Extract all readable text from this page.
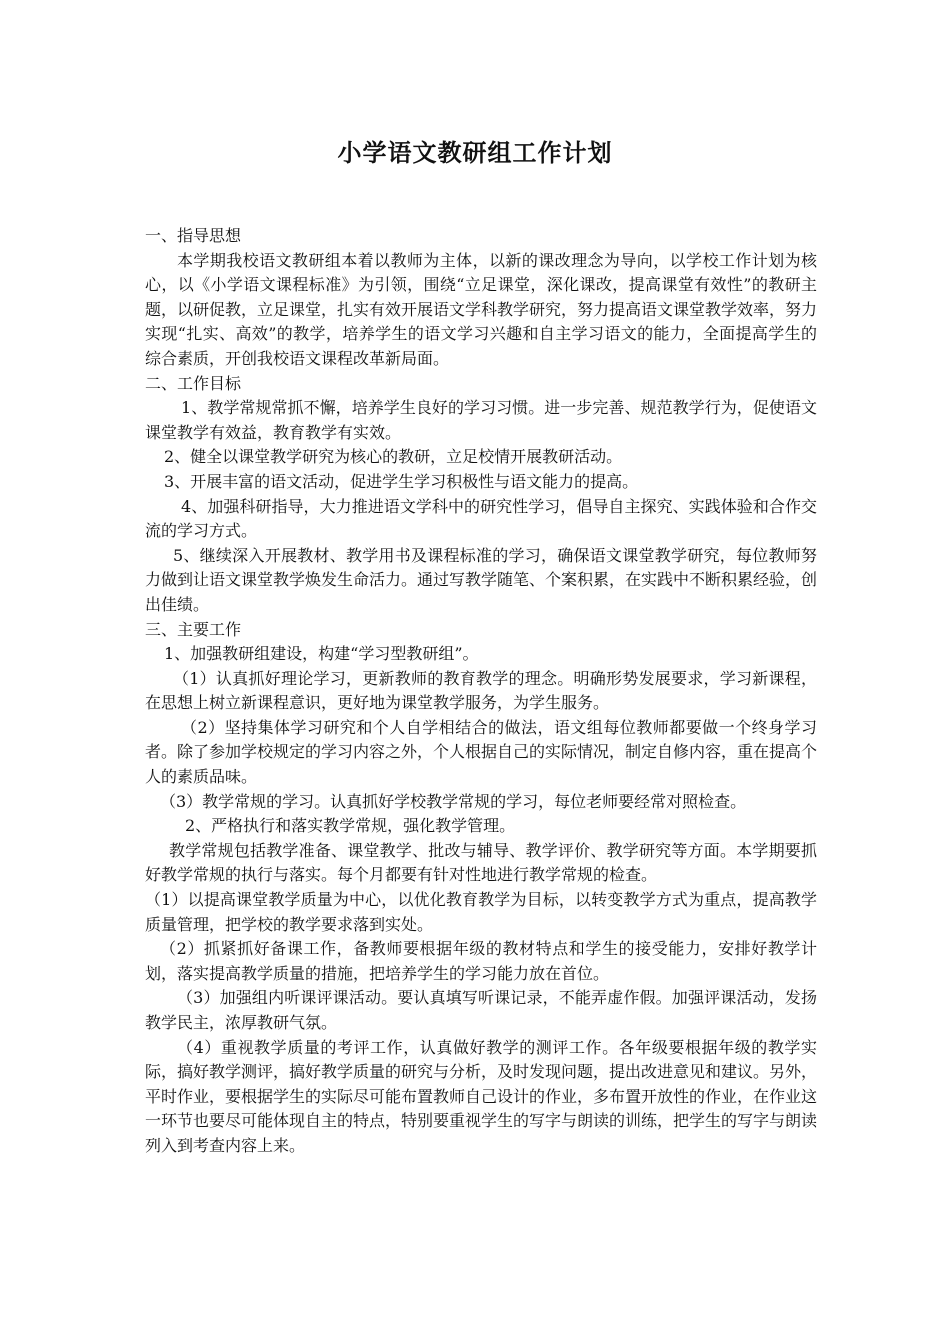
小学语文教研组工作计划

一、指导思想

本学期我校语文教研组本着以教师为主体，以新的课改理念为导向，以学校工作计划为核心，以《小学语文课程标准》为引领，围绕“立足课堂，深化课改，提高课堂有效性”的教研主题，以研促教，立足课堂，扎实有效开展语文学科教学研究，努力提高语文课堂教学效率，努力实现“扎实、高效”的教学，培养学生的语文学习兴趣和自主学习语文的能力，全面提高学生的综合素质，开创我校语文课程改革新局面。

二、工作目标

1、教学常规常抓不懈，培养学生良好的学习习惯。进一步完善、规范教学行为，促使语文课堂教学有效益，教育教学有实效。

2、健全以课堂教学研究为核心的教研，立足校情开展教研活动。

3、开展丰富的语文活动，促进学生学习积极性与语文能力的提高。

4、加强科研指导，大力推进语文学科中的研究性学习，倡导自主探究、实践体验和合作交流的学习方式。

5、继续深入开展教材、教学用书及课程标准的学习，确保语文课堂教学研究，每位教师努力做到让语文课堂教学焕发生命活力。通过写教学随笔、个案积累，在实践中不断积累经验，创出佳绩。

三、主要工作

1、加强教研组建设，构建“学习型教研组”。

（1）认真抓好理论学习，更新教师的教育教学的理念。明确形势发展要求，学习新课程，在思想上树立新课程意识，更好地为课堂教学服务，为学生服务。

（2）坚持集体学习研究和个人自学相结合的做法，语文组每位教师都要做一个终身学习者。除了参加学校规定的学习内容之外，个人根据自己的实际情况，制定自修内容，重在提高个人的素质品味。

（3）教学常规的学习。认真抓好学校教学常规的学习，每位老师要经常对照检查。

2、严格执行和落实教学常规，强化教学管理。

教学常规包括教学准备、课堂教学、批改与辅导、教学评价、教学研究等方面。本学期要抓好教学常规的执行与落实。每个月都要有针对性地进行教学常规的检查。

（1）以提高课堂教学质量为中心，以优化教育教学为目标，以转变教学方式为重点，提高教学质量管理，把学校的教学要求落到实处。

（2）抓紧抓好备课工作，备教师要根据年级的教材特点和学生的接受能力，安排好教学计划，落实提高教学质量的措施，把培养学生的学习能力放在首位。

（3）加强组内听课评课活动。要认真填写听课记录，不能弄虚作假。加强评课活动，发扬教学民主，浓厚教研气氛。

（4）重视教学质量的考评工作，认真做好教学的测评工作。各年级要根据年级的教学实际，搞好教学测评，搞好教学质量的研究与分析，及时发现问题，提出改进意见和建议。另外，平时作业，要根据学生的实际尽可能布置教师自己设计的作业，多布置开放性的作业，在作业这一环节也要尽可能体现自主的特点，特别要重视学生的写字与朗读的训练，把学生的写字与朗读列入到考查内容上来。
